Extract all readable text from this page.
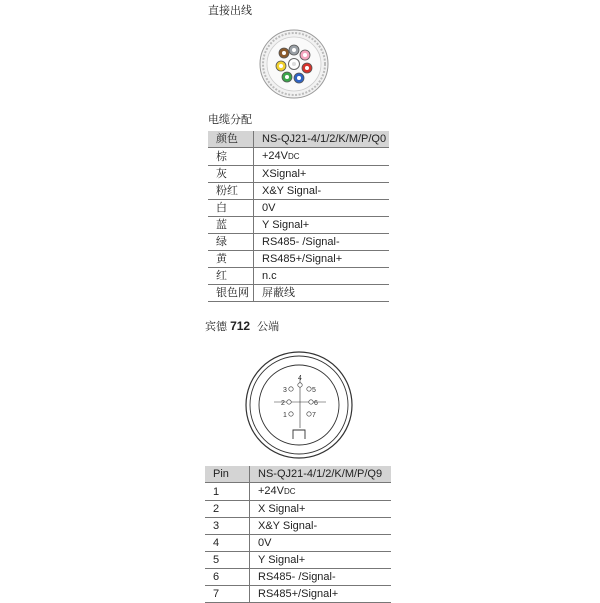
直接出线
电缆分配
颜色	NS-QJ21-4/1/2/K/M/P/Q0
棕	+24VDC
灰	XSignal+
粉红	X&Y Signal-
白	0V
蓝	Y Signal+
绿	RS485- /Signal-
黄	RS485+/Signal+
红	n.c
银色网	屏蔽线
宾德 712 公端
4
3	5
2	6
1	7
Pin	NS-QJ21-4/1/2/K/M/P/Q9
1	+24VDC
2	X Signal+
3	X&Y Signal-
4	0V
5	Y Signal+
6	RS485- /Signal-
7	RS485+/Signal+
